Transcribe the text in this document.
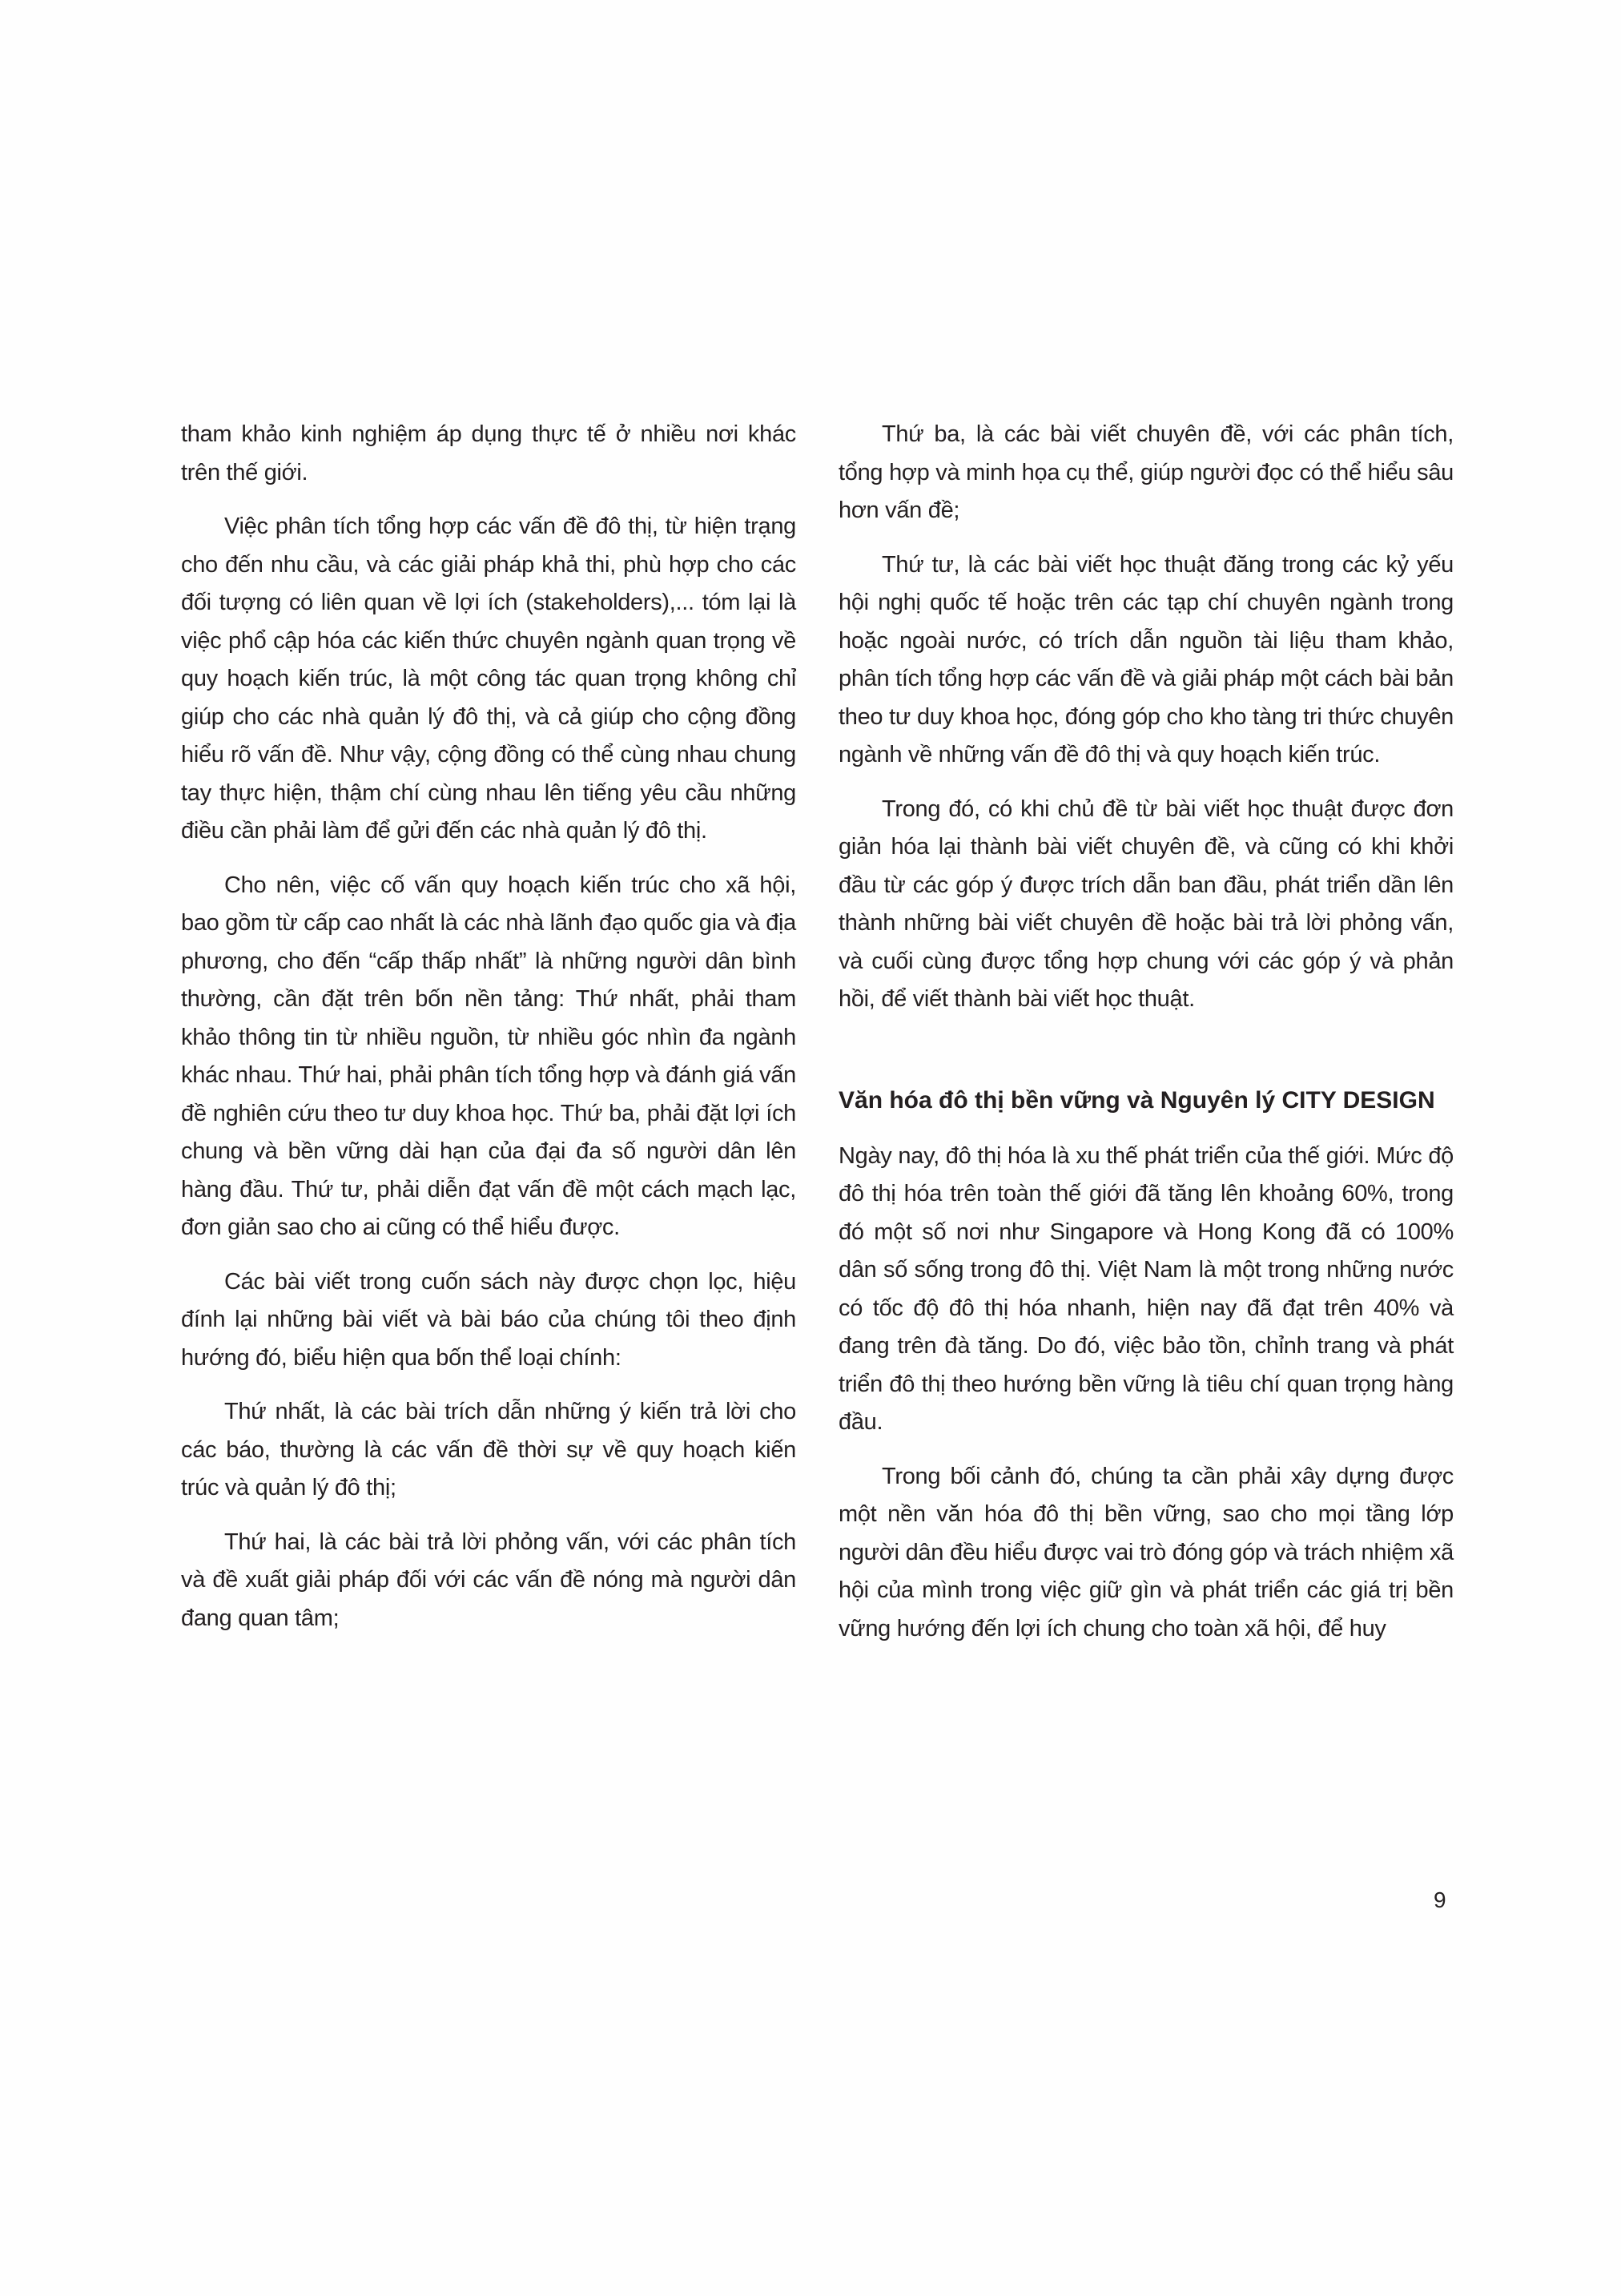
tham khảo kinh nghiệm áp dụng thực tế ở nhiều nơi khác trên thế giới.

Việc phân tích tổng hợp các vấn đề đô thị, từ hiện trạng cho đến nhu cầu, và các giải pháp khả thi, phù hợp cho các đối tượng có liên quan về lợi ích (stakeholders),... tóm lại là việc phổ cập hóa các kiến thức chuyên ngành quan trọng về quy hoạch kiến trúc, là một công tác quan trọng không chỉ giúp cho các nhà quản lý đô thị, và cả giúp cho cộng đồng hiểu rõ vấn đề. Như vậy, cộng đồng có thể cùng nhau chung tay thực hiện, thậm chí cùng nhau lên tiếng yêu cầu những điều cần phải làm để gửi đến các nhà quản lý đô thị.

Cho nên, việc cố vấn quy hoạch kiến trúc cho xã hội, bao gồm từ cấp cao nhất là các nhà lãnh đạo quốc gia và địa phương, cho đến “cấp thấp nhất” là những người dân bình thường, cần đặt trên bốn nền tảng: Thứ nhất, phải tham khảo thông tin từ nhiều nguồn, từ nhiều góc nhìn đa ngành khác nhau. Thứ hai, phải phân tích tổng hợp và đánh giá vấn đề nghiên cứu theo tư duy khoa học. Thứ ba, phải đặt lợi ích chung và bền vững dài hạn của đại đa số người dân lên hàng đầu. Thứ tư, phải diễn đạt vấn đề một cách mạch lạc, đơn giản sao cho ai cũng có thể hiểu được.

Các bài viết trong cuốn sách này được chọn lọc, hiệu đính lại những bài viết và bài báo của chúng tôi theo định hướng đó, biểu hiện qua bốn thể loại chính:

Thứ nhất, là các bài trích dẫn những ý kiến trả lời cho các báo, thường là các vấn đề thời sự về quy hoạch kiến trúc và quản lý đô thị;

Thứ hai, là các bài trả lời phỏng vấn, với các phân tích và đề xuất giải pháp đối với các vấn đề nóng mà người dân đang quan tâm;

Thứ ba, là các bài viết chuyên đề, với các phân tích, tổng hợp và minh họa cụ thể, giúp người đọc có thể hiểu sâu hơn vấn đề;

Thứ tư, là các bài viết học thuật đăng trong các kỷ yếu hội nghị quốc tế hoặc trên các tạp chí chuyên ngành trong hoặc ngoài nước, có trích dẫn nguồn tài liệu tham khảo, phân tích tổng hợp các vấn đề và giải pháp một cách bài bản theo tư duy khoa học, đóng góp cho kho tàng tri thức chuyên ngành về những vấn đề đô thị và quy hoạch kiến trúc.

Trong đó, có khi chủ đề từ bài viết học thuật được đơn giản hóa lại thành bài viết chuyên đề, và cũng có khi khởi đầu từ các góp ý được trích dẫn ban đầu, phát triển dần lên thành những bài viết chuyên đề hoặc bài trả lời phỏng vấn, và cuối cùng được tổng hợp chung với các góp ý và phản hồi, để viết thành bài viết học thuật.

Văn hóa đô thị bền vững và Nguyên lý CITY DESIGN

Ngày nay, đô thị hóa là xu thế phát triển của thế giới. Mức độ đô thị hóa trên toàn thế giới đã tăng lên khoảng 60%, trong đó một số nơi như Singapore và Hong Kong đã có 100% dân số sống trong đô thị. Việt Nam là một trong những nước có tốc độ đô thị hóa nhanh, hiện nay đã đạt trên 40% và đang trên đà tăng. Do đó, việc bảo tồn, chỉnh trang và phát triển đô thị theo hướng bền vững là tiêu chí quan trọng hàng đầu.

Trong bối cảnh đó, chúng ta cần phải xây dựng được một nền văn hóa đô thị bền vững, sao cho mọi tầng lớp người dân đều hiểu được vai trò đóng góp và trách nhiệm xã hội của mình trong việc giữ gìn và phát triển các giá trị bền vững hướng đến lợi ích chung cho toàn xã hội, để huy

9
